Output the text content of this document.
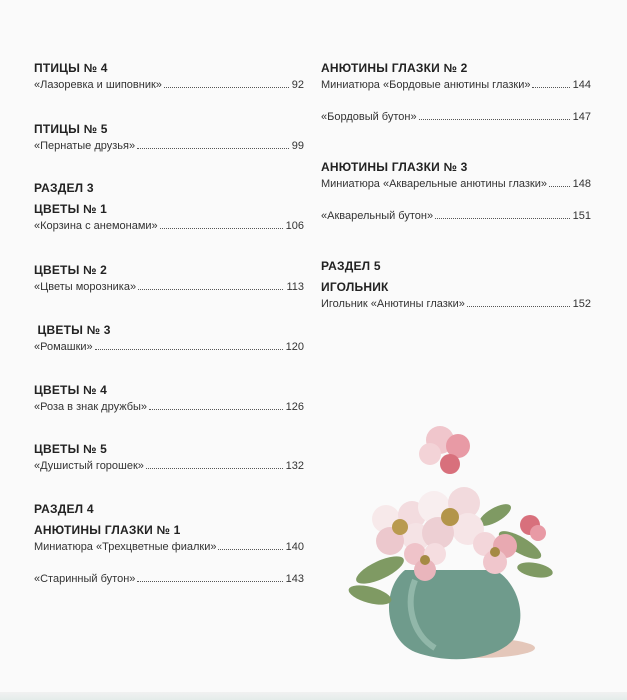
ПТИЦЫ № 4
«Лазоревка и шиповник»	92
ПТИЦЫ № 5
«Пернатые друзья»	99
РАЗДЕЛ 3
ЦВЕТЫ № 1
«Корзина с анемонами»	106
ЦВЕТЫ № 2
«Цветы морозника»	113
ЦВЕТЫ № 3
«Ромашки»	120
ЦВЕТЫ № 4
«Роза в знак дружбы»	126
ЦВЕТЫ № 5
«Душистый горошек»	132
РАЗДЕЛ 4
АНЮТИНЫ ГЛАЗКИ № 1
Миниатюра «Трехцветные фиалки»	140
«Старинный бутон»	143
АНЮТИНЫ ГЛАЗКИ № 2
Миниатюра «Бордовые анютины глазки»	144
«Бордовый бутон»	147
АНЮТИНЫ ГЛАЗКИ № 3
Миниатюра «Акварельные анютины глазки» 148
«Акварельный бутон»	151
РАЗДЕЛ 5
ИГОЛЬНИК
Игольник «Анютины глазки»	152
